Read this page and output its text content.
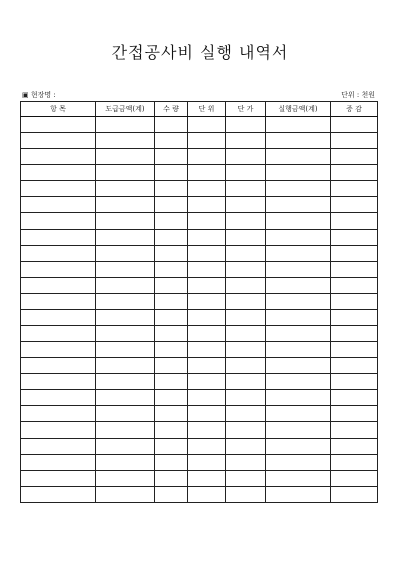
간접공사비 실행 내역서
▣ 현장명 :	단위 : 천원
항 목	도급금액(계)	수 량	단 위	단 가	실행금액(계)	증 감
